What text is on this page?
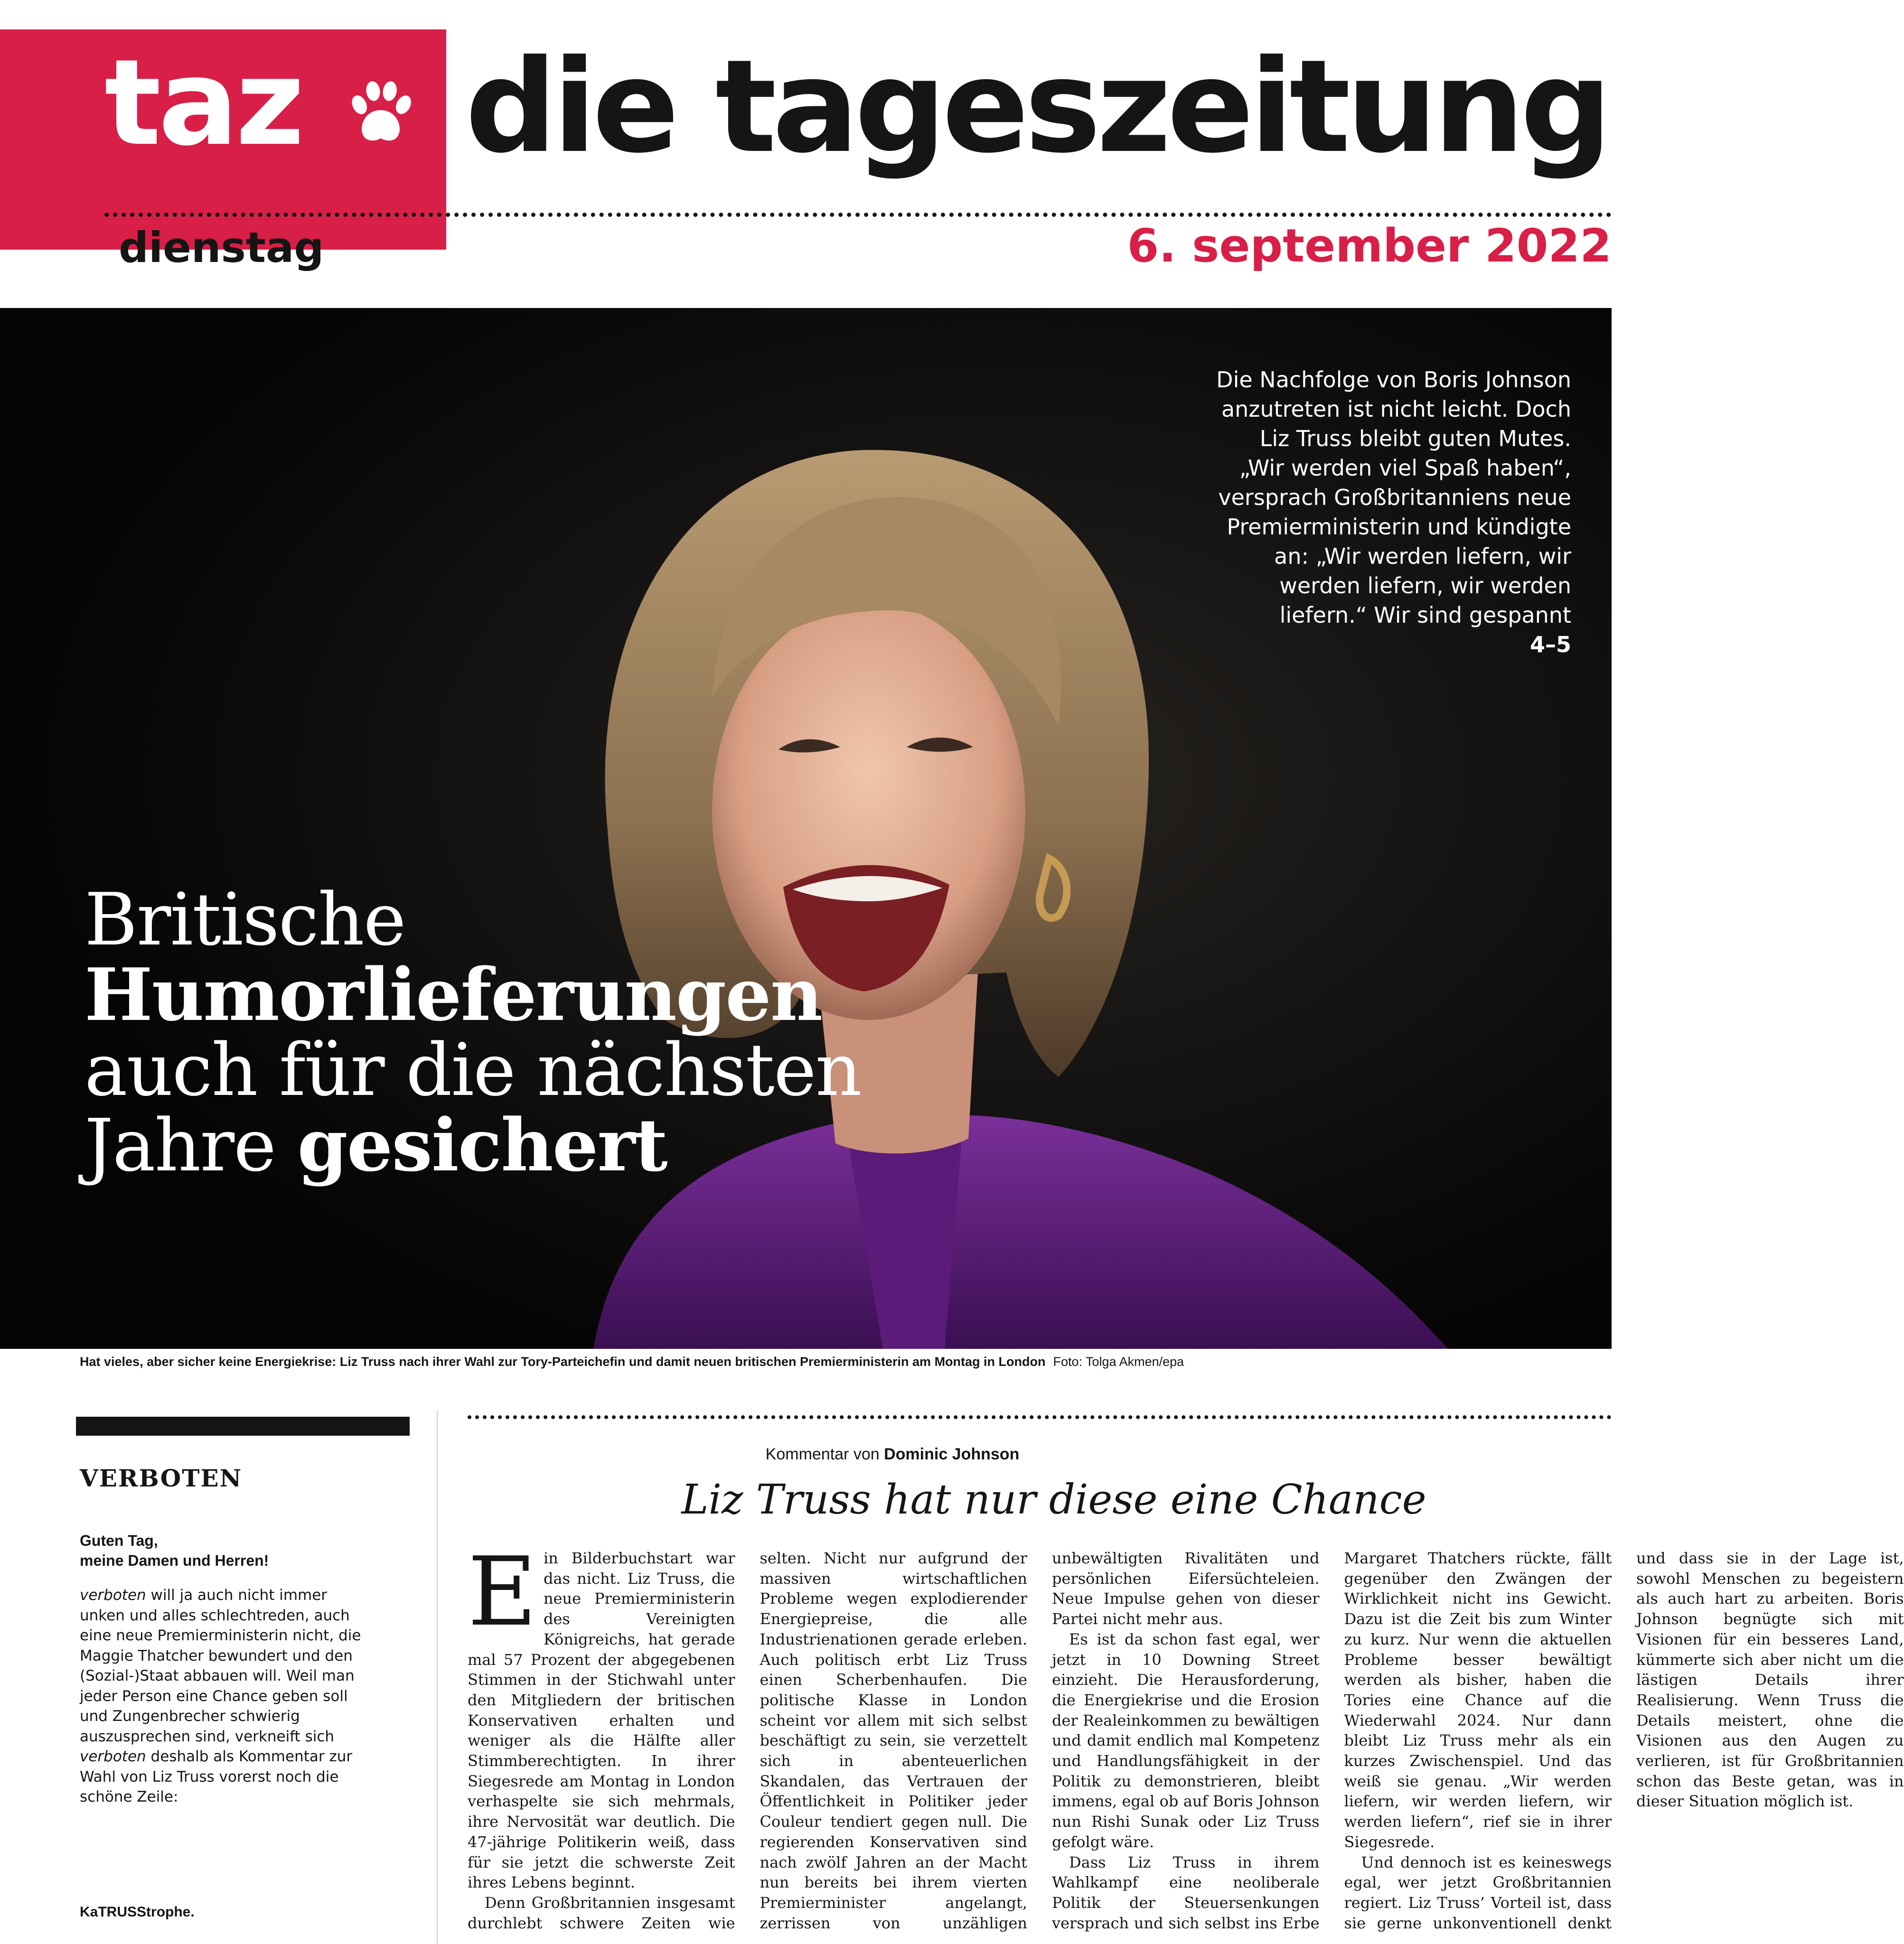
taz die tageszeitung
dienstag	6. september 2022
Die Nachfolge von Boris Johnson anzutreten ist nicht leicht. Doch Liz Truss bleibt guten Mutes. „Wir werden viel Spaß haben“, versprach Großbritanniens neue Premierministerin und kündigte an: „Wir werden liefern, wir werden liefern, wir werden liefern.“ Wir sind gespannt
4–5
Britische
Humorlieferungen
auch für die nächsten
Jahre gesichert
Hat vieles, aber sicher keine Energiekrise: Liz Truss nach ihrer Wahl zur Tory-Parteichefin und damit neuen britischen Premierministerin am Montag in London Foto: Tolga Akmen/epa
VERBOTEN
Guten Tag,
meine Damen und Herren!
verboten will ja auch nicht immer unken und alles schlechtreden, auch eine neue Premierministerin nicht, die Maggie Thatcher bewundert und den (Sozial-)Staat abbauen will. Weil man jeder Person eine Chance geben soll und Zungenbrecher schwierig auszusprechen sind, verkneift sich verboten deshalb als Kommentar zur Wahl von Liz Truss vorerst noch die schöne Zeile:
KaTRUSStrophe.
Kommentar von Dominic Johnson
Liz Truss hat nur diese eine Chance

Ein Bilderbuchstart war das nicht. Liz Truss, die neue Premierministerin des Vereinigten Königreichs, hat gerade mal 57 Prozent der abgegebenen Stimmen in der Stichwahl unter den Mitgliedern der britischen Konservativen erhalten und weniger als die Hälfte aller Stimmberechtigten. In ihrer Siegesrede am Montag in London verhaspelte sie sich mehrmals, ihre Nervosität war deutlich. Die 47-jährige Politikerin weiß, dass für sie jetzt die schwerste Zeit ihres Lebens beginnt.

Denn Großbritannien insgesamt durchlebt schwere Zeiten wie selten. Nicht nur aufgrund der massiven wirtschaftlichen Probleme wegen explodierender Energiepreise, die alle Industrienationen gerade erleben. Auch politisch erbt Liz Truss einen Scherbenhaufen. Die politische Klasse in London scheint vor allem mit sich selbst beschäftigt zu sein, sie verzettelt sich in abenteuerlichen Skandalen, das Vertrauen der Öffentlichkeit in Politiker jeder Couleur tendiert gegen null. Die regierenden Konservativen sind nach zwölf Jahren an der Macht nun bereits bei ihrem vierten Premierminister angelangt, zerrissen von unzähligen unbewältigten Rivalitäten und persönlichen Eifersüchteleien. Neue Impulse gehen von dieser Partei nicht mehr aus.

Es ist da schon fast egal, wer jetzt in 10 Downing Street einzieht. Die Herausforderung, die Energiekrise und die Erosion der Realeinkommen zu bewältigen und damit endlich mal Kompetenz und Handlungsfähigkeit in der Politik zu demonstrieren, bleibt immens, egal ob auf Boris Johnson nun Rishi Sunak oder Liz Truss gefolgt wäre.

Dass Liz Truss in ihrem Wahlkampf eine neoliberale Politik der Steuersenkungen versprach und sich selbst ins Erbe Margaret Thatchers rückte, fällt gegenüber den Zwängen der Wirklichkeit nicht ins Gewicht. Dazu ist die Zeit bis zum Winter zu kurz. Nur wenn die aktuellen Probleme besser bewältigt werden als bisher, haben die Tories eine Chance auf die Wiederwahl 2024. Nur dann bleibt Liz Truss mehr als ein kurzes Zwischenspiel. Und das weiß sie genau. „Wir werden liefern, wir werden liefern, wir werden liefern“, rief sie in ihrer Siegesrede.

Und dennoch ist es keineswegs egal, wer jetzt Großbritannien regiert. Liz Truss’ Vorteil ist, dass sie gerne unkonventionell denkt und dass sie in der Lage ist, sowohl Menschen zu begeistern als auch hart zu arbeiten. Boris Johnson begnügte sich mit Visionen für ein besseres Land, kümmerte sich aber nicht um die lästigen Details ihrer Realisierung. Wenn Truss die Details meistert, ohne die Visionen aus den Augen zu verlieren, ist für Großbritannien schon das Beste getan, was in dieser Situation möglich ist.
